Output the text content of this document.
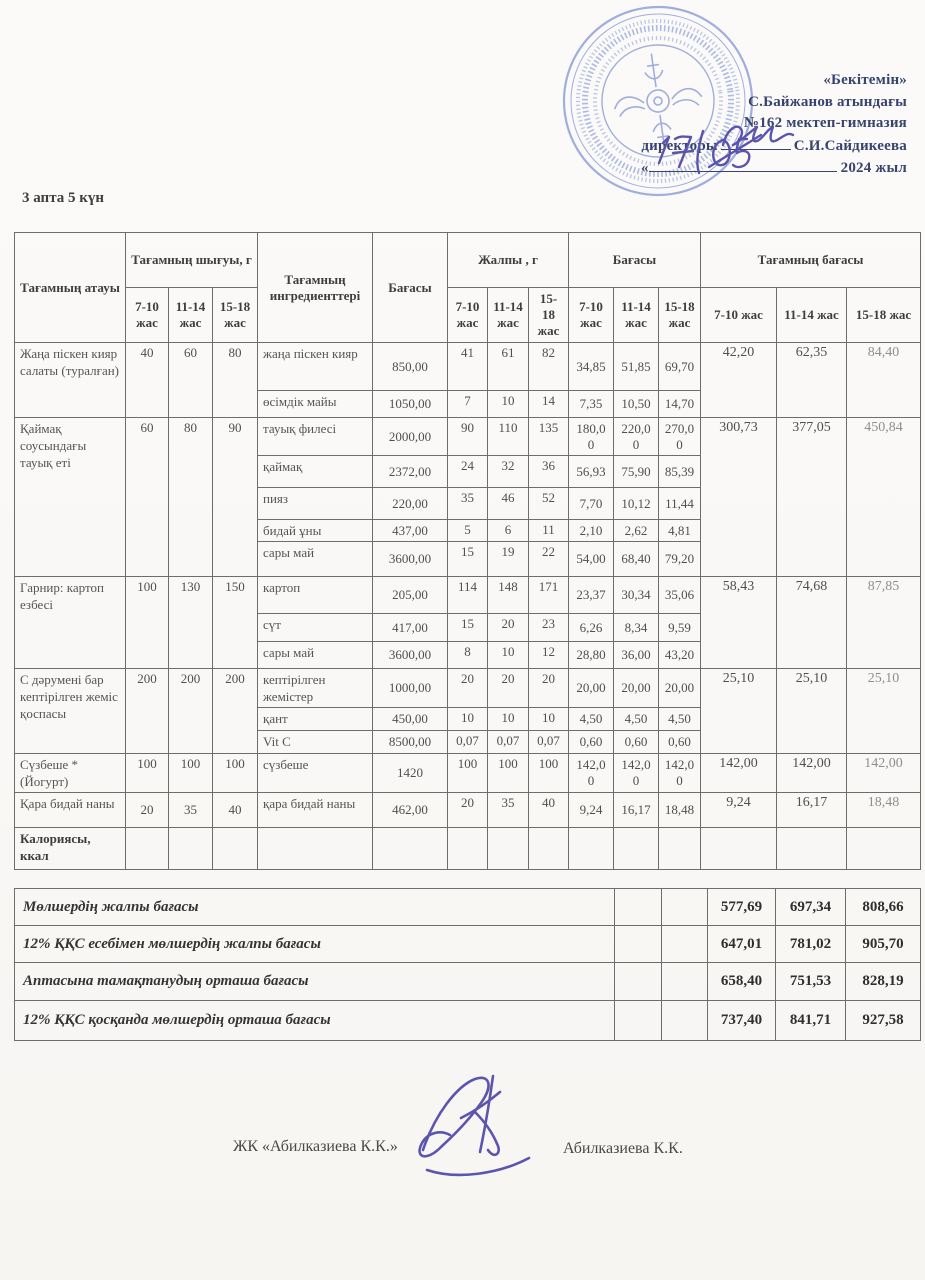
«Бекітемін»
С.Байжанов атындағы
№162 мектеп-гимназия
директоры	С.И.Сайдикеева
«	2024 жыл
3 апта 5 күн
Тағамның атауы	Тағамның шығуы, г			Тағамның ингредиенттері	Бағасы	Жалпы , г			Бағасы			Тағамның бағасы		
	7-10 жас	11-14 жас	15-18 жас			7-10 жас	11-14 жас	15-18 жас	7-10 жас	11-14 жас	15-18 жас	7-10 жас	11-14 жас	15-18 жас
Жаңа піскен кияр салаты (туралған)	40	60	80	жаңа піскен кияр	850,00	41	61	82	34,85	51,85	69,70	42,20	62,35	84,40
				өсімдік майы	1050,00	7	10	14	7,35	10,50	14,70			
Қаймақ соусындағы тауық еті	60	80	90	тауық филесі	2000,00	90	110	135	180,00	220,00	270,00	300,73	377,05	450,84
				қаймақ	2372,00	24	32	36	56,93	75,90	85,39			
				пияз	220,00	35	46	52	7,70	10,12	11,44			
				бидай ұны	437,00	5	6	11	2,10	2,62	4,81			
				сары май	3600,00	15	19	22	54,00	68,40	79,20			
Гарнир: картоп езбесі	100	130	150	картоп	205,00	114	148	171	23,37	30,34	35,06	58,43	74,68	87,85
				сүт	417,00	15	20	23	6,26	8,34	9,59			
				сары май	3600,00	8	10	12	28,80	36,00	43,20			
С дәрумені бар кептірілген жеміс қоспасы	200	200	200	кептірілген жемістер	1000,00	20	20	20	20,00	20,00	20,00	25,10	25,10	25,10
				қант	450,00	10	10	10	4,50	4,50	4,50			
				Vit C	8500,00	0,07	0,07	0,07	0,60	0,60	0,60			
Сүзбеше *(Йогурт)	100	100	100	сүзбеше	1420	100	100	100	142,00	142,00	142,00	142,00	142,00	142,00
Қара бидай наны	20	35	40	қара бидай наны	462,00	20	35	40	9,24	16,17	18,48	9,24	16,17	18,48
Калориясы, ккал														
Мөлшердің жалпы бағасы			577,69	697,34	808,66
12% ҚҚС есебімен мөлшердің жалпы бағасы			647,01	781,02	905,70
Аптасына тамақтанудың орташа бағасы			658,40	751,53	828,19
12% ҚҚС қосқанда мөлшердің орташа бағасы			737,40	841,71	927,58
ЖК «Абилказиева К.К.»	Абилказиева К.К.
